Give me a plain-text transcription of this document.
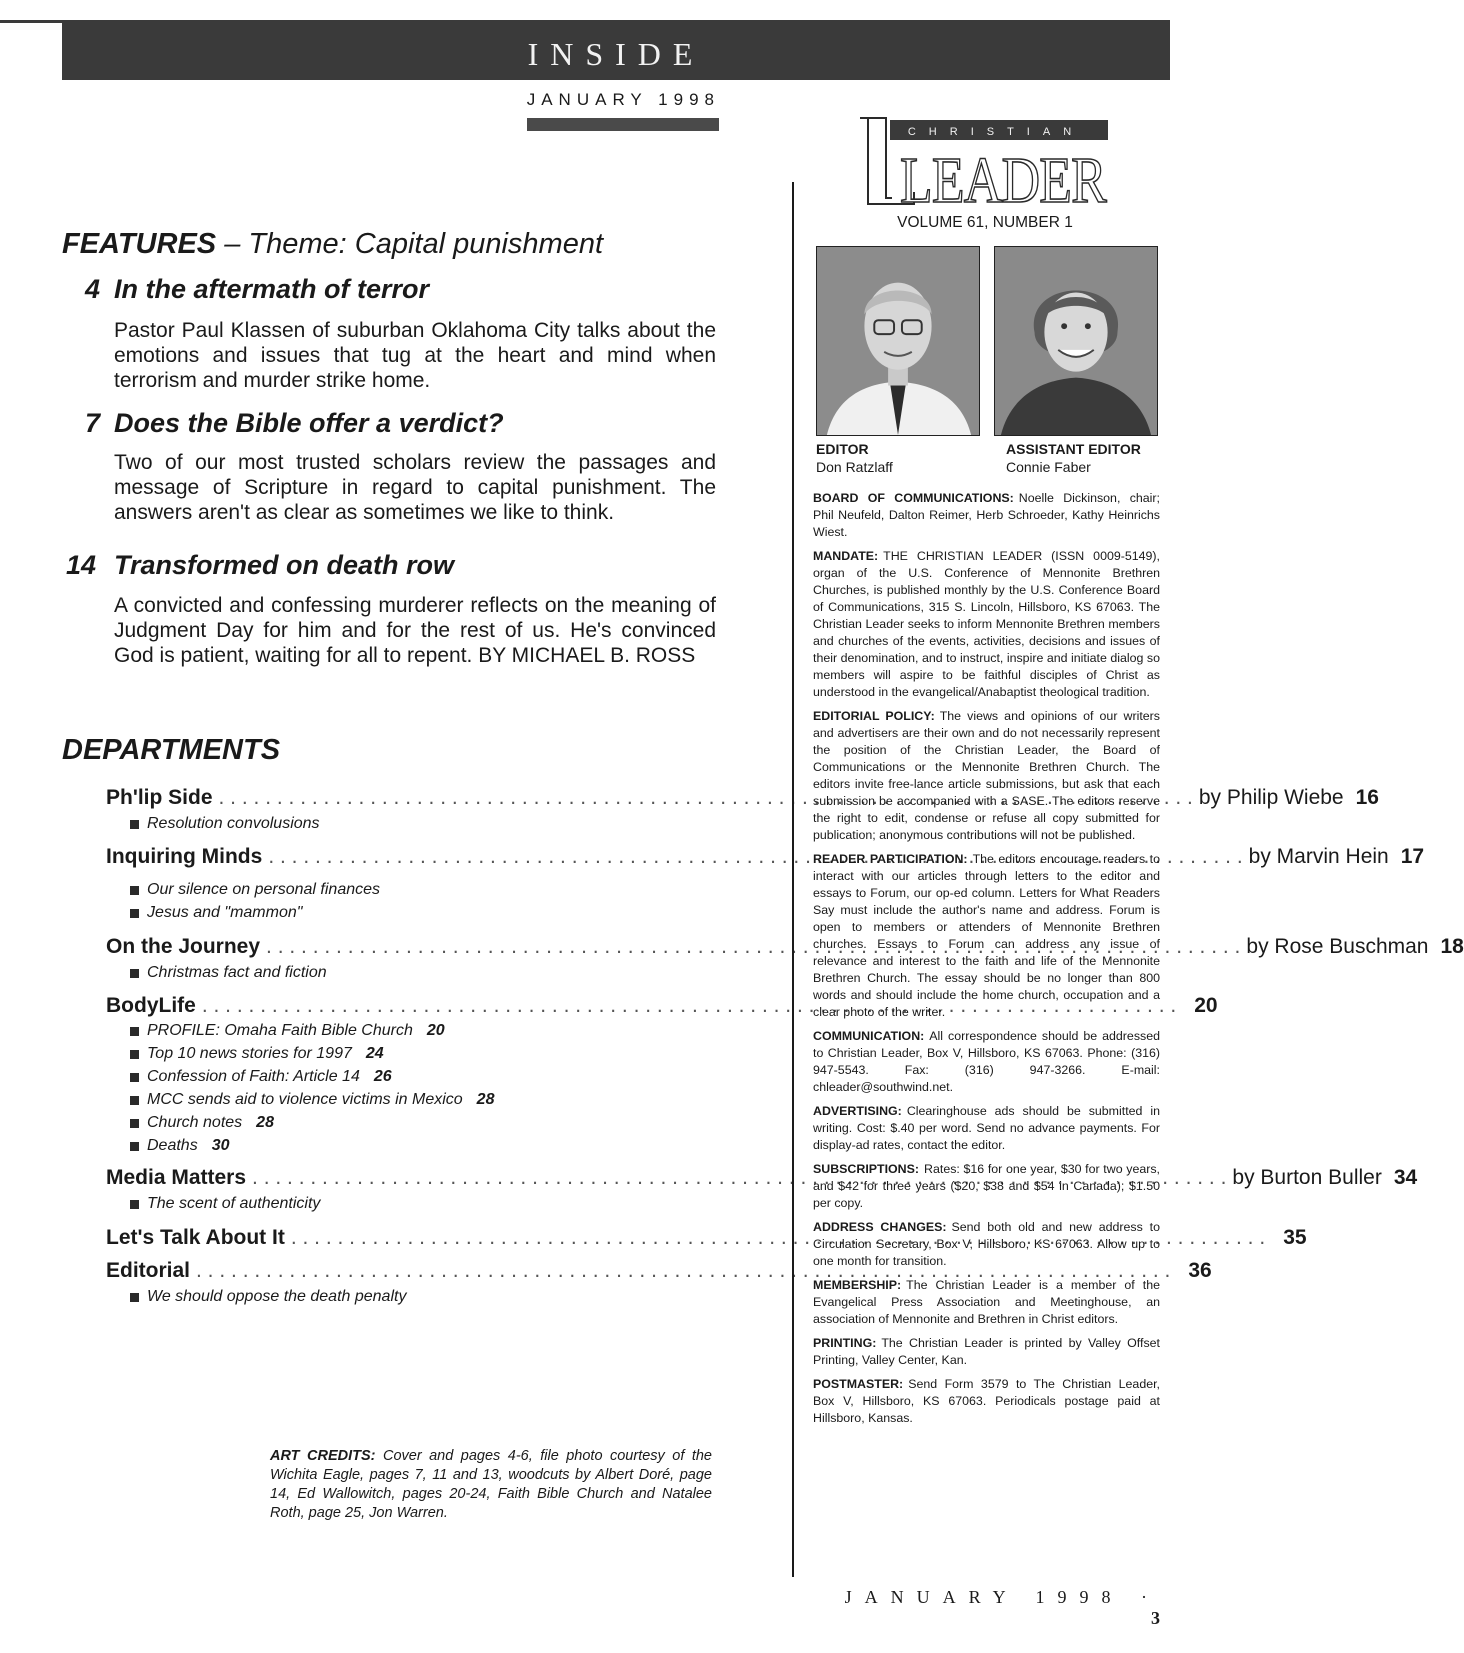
INSIDE
JANUARY 1998
FEATURES – Theme: Capital punishment
4 In the aftermath of terror
Pastor Paul Klassen of suburban Oklahoma City talks about the emotions and issues that tug at the heart and mind when terrorism and murder strike home.
7 Does the Bible offer a verdict?
Two of our most trusted scholars review the passages and message of Scripture in regard to capital punishment. The answers aren't as clear as sometimes we like to think.
14 Transformed on death row
A convicted and confessing murderer reflects on the meaning of Judgment Day for him and for the rest of us. He's convinced God is patient, waiting for all to repent. BY MICHAEL B. ROSS
DEPARTMENTS
Ph'lip Side . . .	by Philip Wiebe 16
Resolution convolusions
Inquiring Minds . . .	by Marvin Hein 17
Our silence on personal finances
Jesus and "mammon"
On the Journey . . .	by Rose Buschman 18
Christmas fact and fiction
BodyLife . . .	20
PROFILE: Omaha Faith Bible Church 20
Top 10 news stories for 1997 24
Confession of Faith: Article 14 26
MCC sends aid to violence victims in Mexico 28
Church notes 28
Deaths 30
Media Matters . . .	by Burton Buller 34
The scent of authenticity
Let's Talk About It . . .	35
Editorial . . .	36
We should oppose the death penalty
ART CREDITS: Cover and pages 4-6, file photo courtesy of the Wichita Eagle, pages 7, 11 and 13, woodcuts by Albert Doré, page 14, Ed Wallowitch, pages 20-24, Faith Bible Church and Natalee Roth, page 25, Jon Warren.
CHRISTIAN
LEADER
VOLUME 61, NUMBER 1
EDITOR
Don Ratzlaff
ASSISTANT EDITOR
Connie Faber

BOARD OF COMMUNICATIONS: Noelle Dickinson, chair; Phil Neufeld, Dalton Reimer, Herb Schroeder, Kathy Heinrichs Wiest.

MANDATE: THE CHRISTIAN LEADER (ISSN 0009-5149), organ of the U.S. Conference of Mennonite Brethren Churches, is published monthly by the U.S. Conference Board of Communications, 315 S. Lincoln, Hillsboro, KS 67063. The Christian Leader seeks to inform Mennonite Brethren members and churches of the events, activities, decisions and issues of their denomination, and to instruct, inspire and initiate dialog so members will aspire to be faithful disciples of Christ as understood in the evangelical/Anabaptist theological tradition.

EDITORIAL POLICY: The views and opinions of our writers and advertisers are their own and do not necessarily represent the position of the Christian Leader, the Board of Communications or the Mennonite Brethren Church. The editors invite free-lance article submissions, but ask that each submission be accompanied with a SASE. The editors reserve the right to edit, condense or refuse all copy submitted for publication; anonymous contributions will not be published.

READER PARTICIPATION: The editors encourage readers to interact with our articles through letters to the editor and essays to Forum, our op-ed column. Letters for What Readers Say must include the author's name and address. Forum is open to members or attenders of Mennonite Brethren churches. Essays to Forum can address any issue of relevance and interest to the faith and life of the Mennonite Brethren Church. The essay should be no longer than 800 words and should include the home church, occupation and a clear photo of the writer.

COMMUNICATION: All correspondence should be addressed to Christian Leader, Box V, Hillsboro, KS 67063. Phone: (316) 947-5543. Fax: (316) 947-3266. E-mail: chleader@southwind.net.

ADVERTISING: Clearinghouse ads should be submitted in writing. Cost: $.40 per word. Send no advance payments. For display-ad rates, contact the editor.

SUBSCRIPTIONS: Rates: $16 for one year, $30 for two years, and $42 for three years ($20, $38 and $54 in Canada); $1.50 per copy.

ADDRESS CHANGES: Send both old and new address to Circulation Secretary, Box V, Hillsboro, KS 67063. Allow up to one month for transition.

MEMBERSHIP: The Christian Leader is a member of the Evangelical Press Association and Meetinghouse, an association of Mennonite and Brethren in Christ editors.

PRINTING: The Christian Leader is printed by Valley Offset Printing, Valley Center, Kan.

POSTMASTER: Send Form 3579 to The Christian Leader, Box V, Hillsboro, KS 67063. Periodicals postage paid at Hillsboro, Kansas.

JANUARY 1998 · 3
